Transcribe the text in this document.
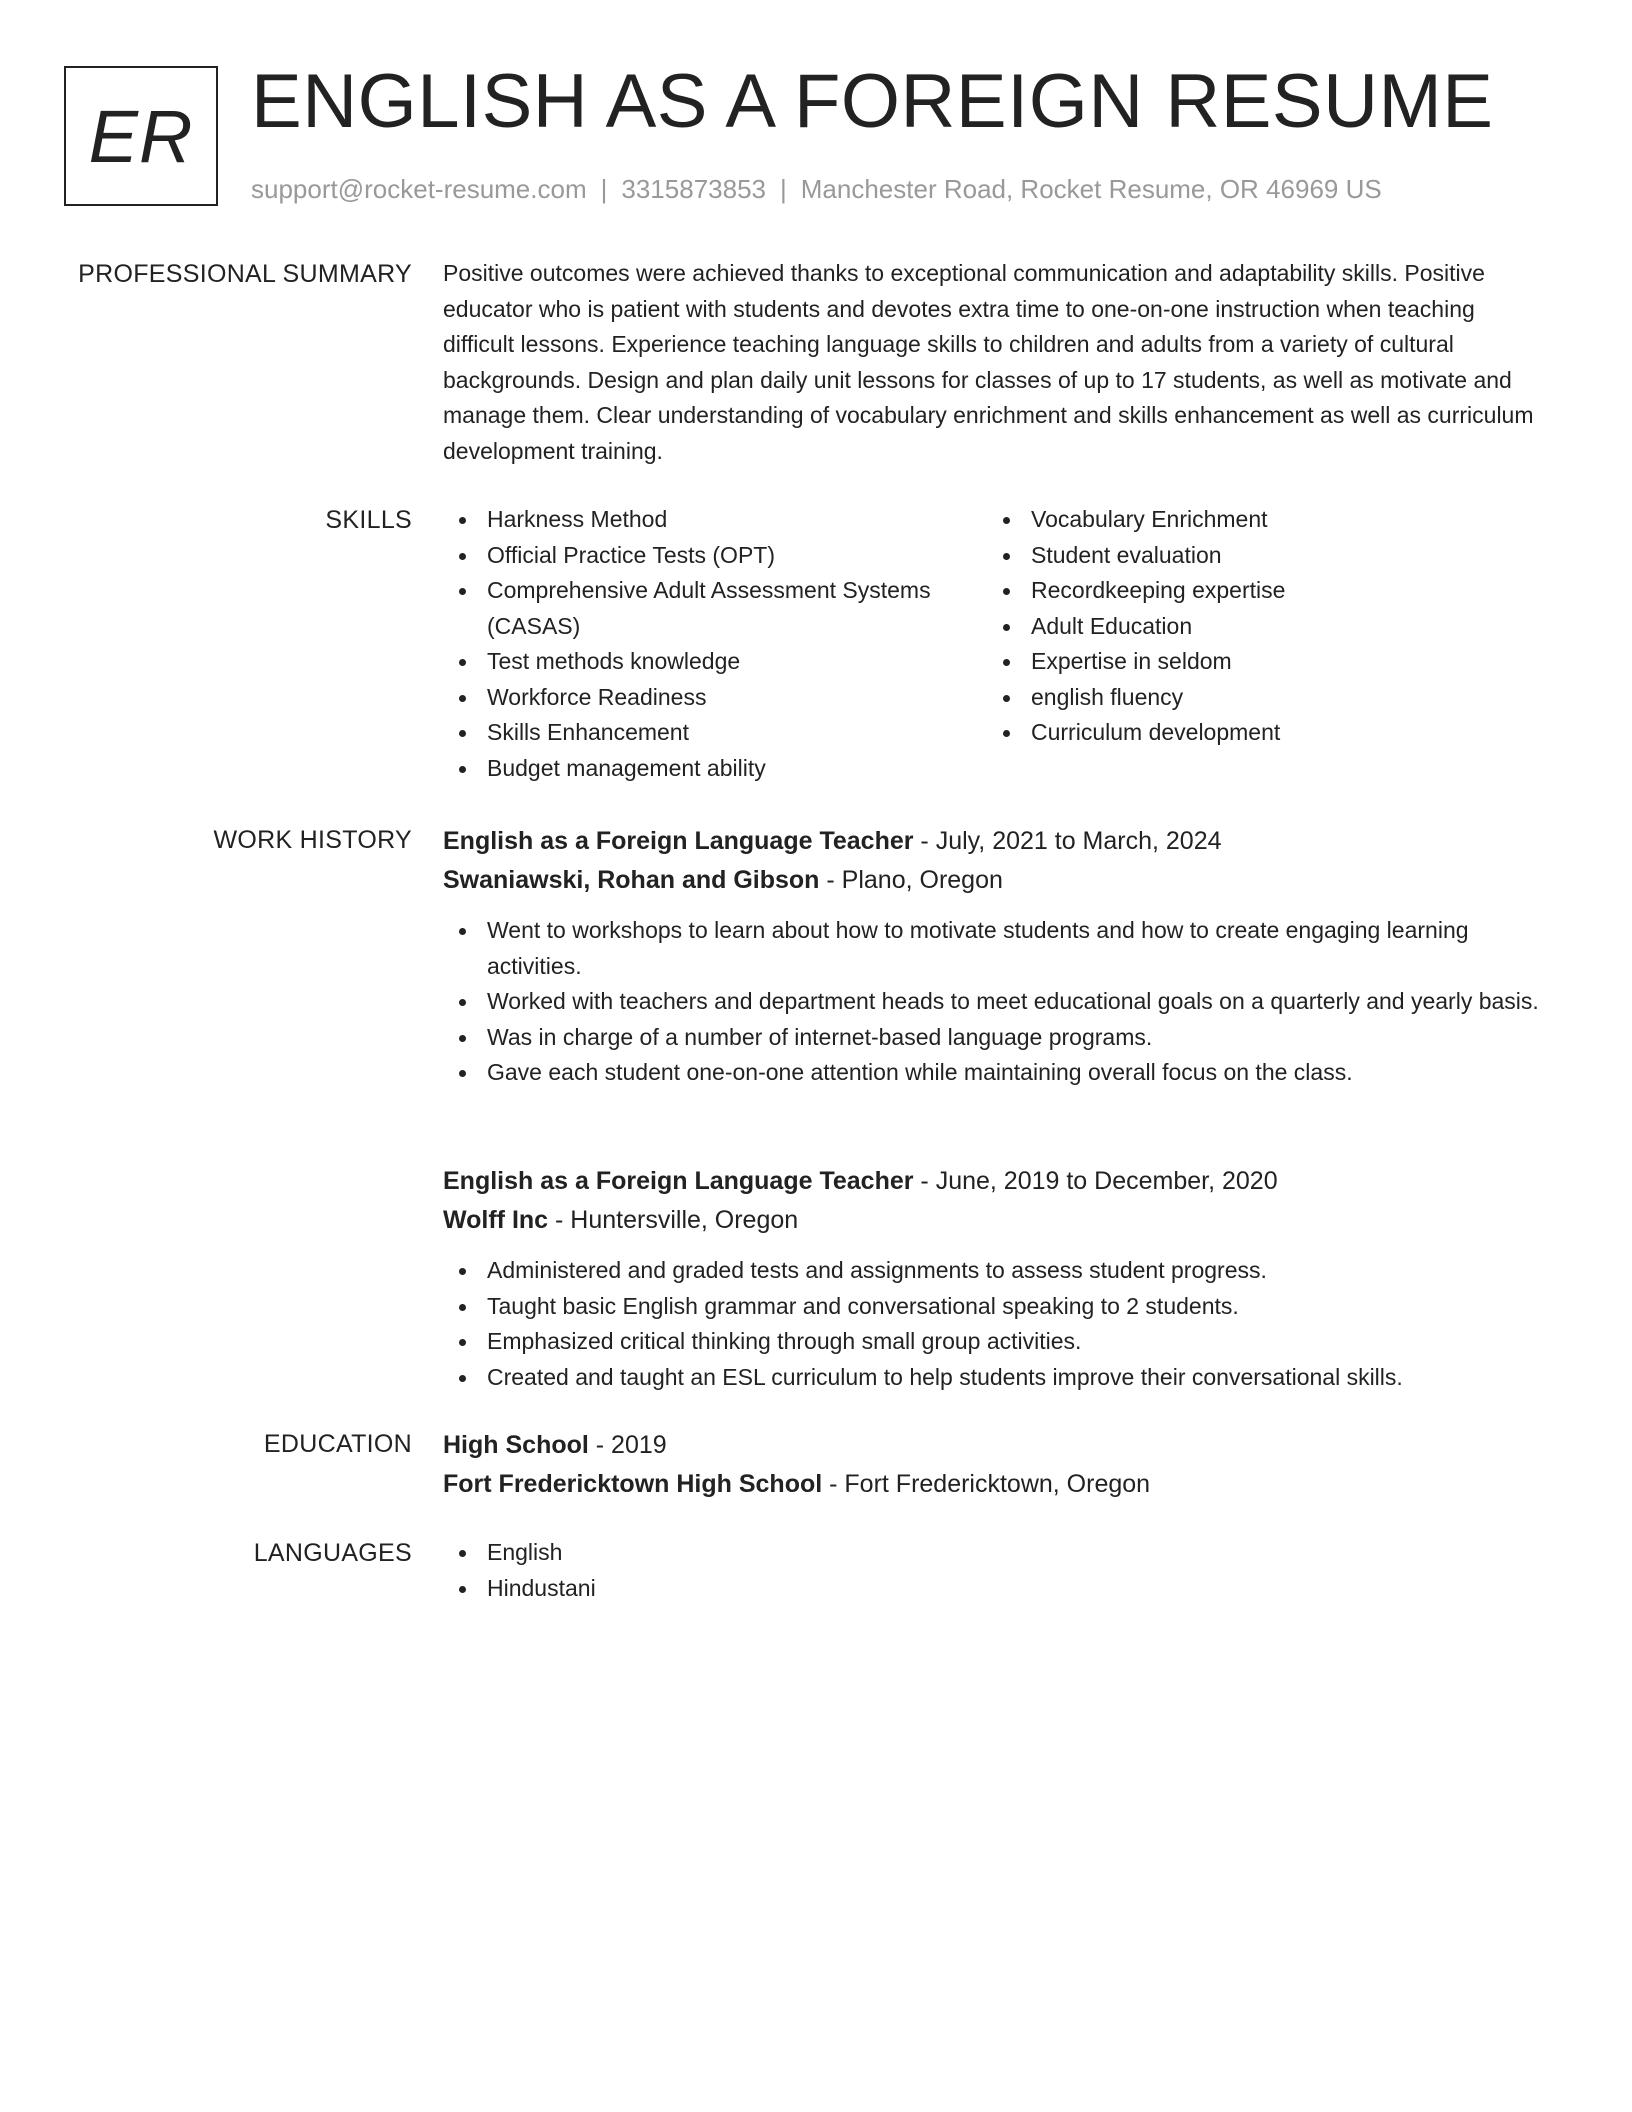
ER ENGLISH AS A FOREIGN RESUME
support@rocket-resume.com | 3315873853 | Manchester Road, Rocket Resume, OR 46969 US
PROFESSIONAL SUMMARY Positive outcomes were achieved thanks to exceptional communication and adaptability skills. Positive educator who is patient with students and devotes extra time to one-on-one instruction when teaching difficult lessons. Experience teaching language skills to children and adults from a variety of cultural backgrounds. Design and plan daily unit lessons for classes of up to 17 students, as well as motivate and manage them. Clear understanding of vocabulary enrichment and skills enhancement as well as curriculum development training.

SKILLS	Harkness Method
Official Practice Tests (OPT)
Comprehensive Adult Assessment Systems (CASAS)
Test methods knowledge
Workforce Readiness
Skills Enhancement
Budget management ability
Vocabulary Enrichment
Student evaluation
Recordkeeping expertise
Adult Education
Expertise in seldom
english fluency
Curriculum development
WORK HISTORY English as a Foreign Language Teacher - July, 2021 to March, 2024
Swaniawski, Rohan and Gibson - Plano, Oregon
Went to workshops to learn about how to motivate students and how to create engaging learning activities.
Worked with teachers and department heads to meet educational goals on a quarterly and yearly basis.
Was in charge of a number of internet-based language programs.
Gave each student one-on-one attention while maintaining overall focus on the class.
English as a Foreign Language Teacher - June, 2019 to December, 2020
Wolff Inc - Huntersville, Oregon
Administered and graded tests and assignments to assess student progress.
Taught basic English grammar and conversational speaking to 2 students.
Emphasized critical thinking through small group activities.
Created and taught an ESL curriculum to help students improve their conversational skills.
EDUCATION High School - 2019
Fort Fredericktown High School - Fort Fredericktown, Oregon
LANGUAGES	English
Hindustani
